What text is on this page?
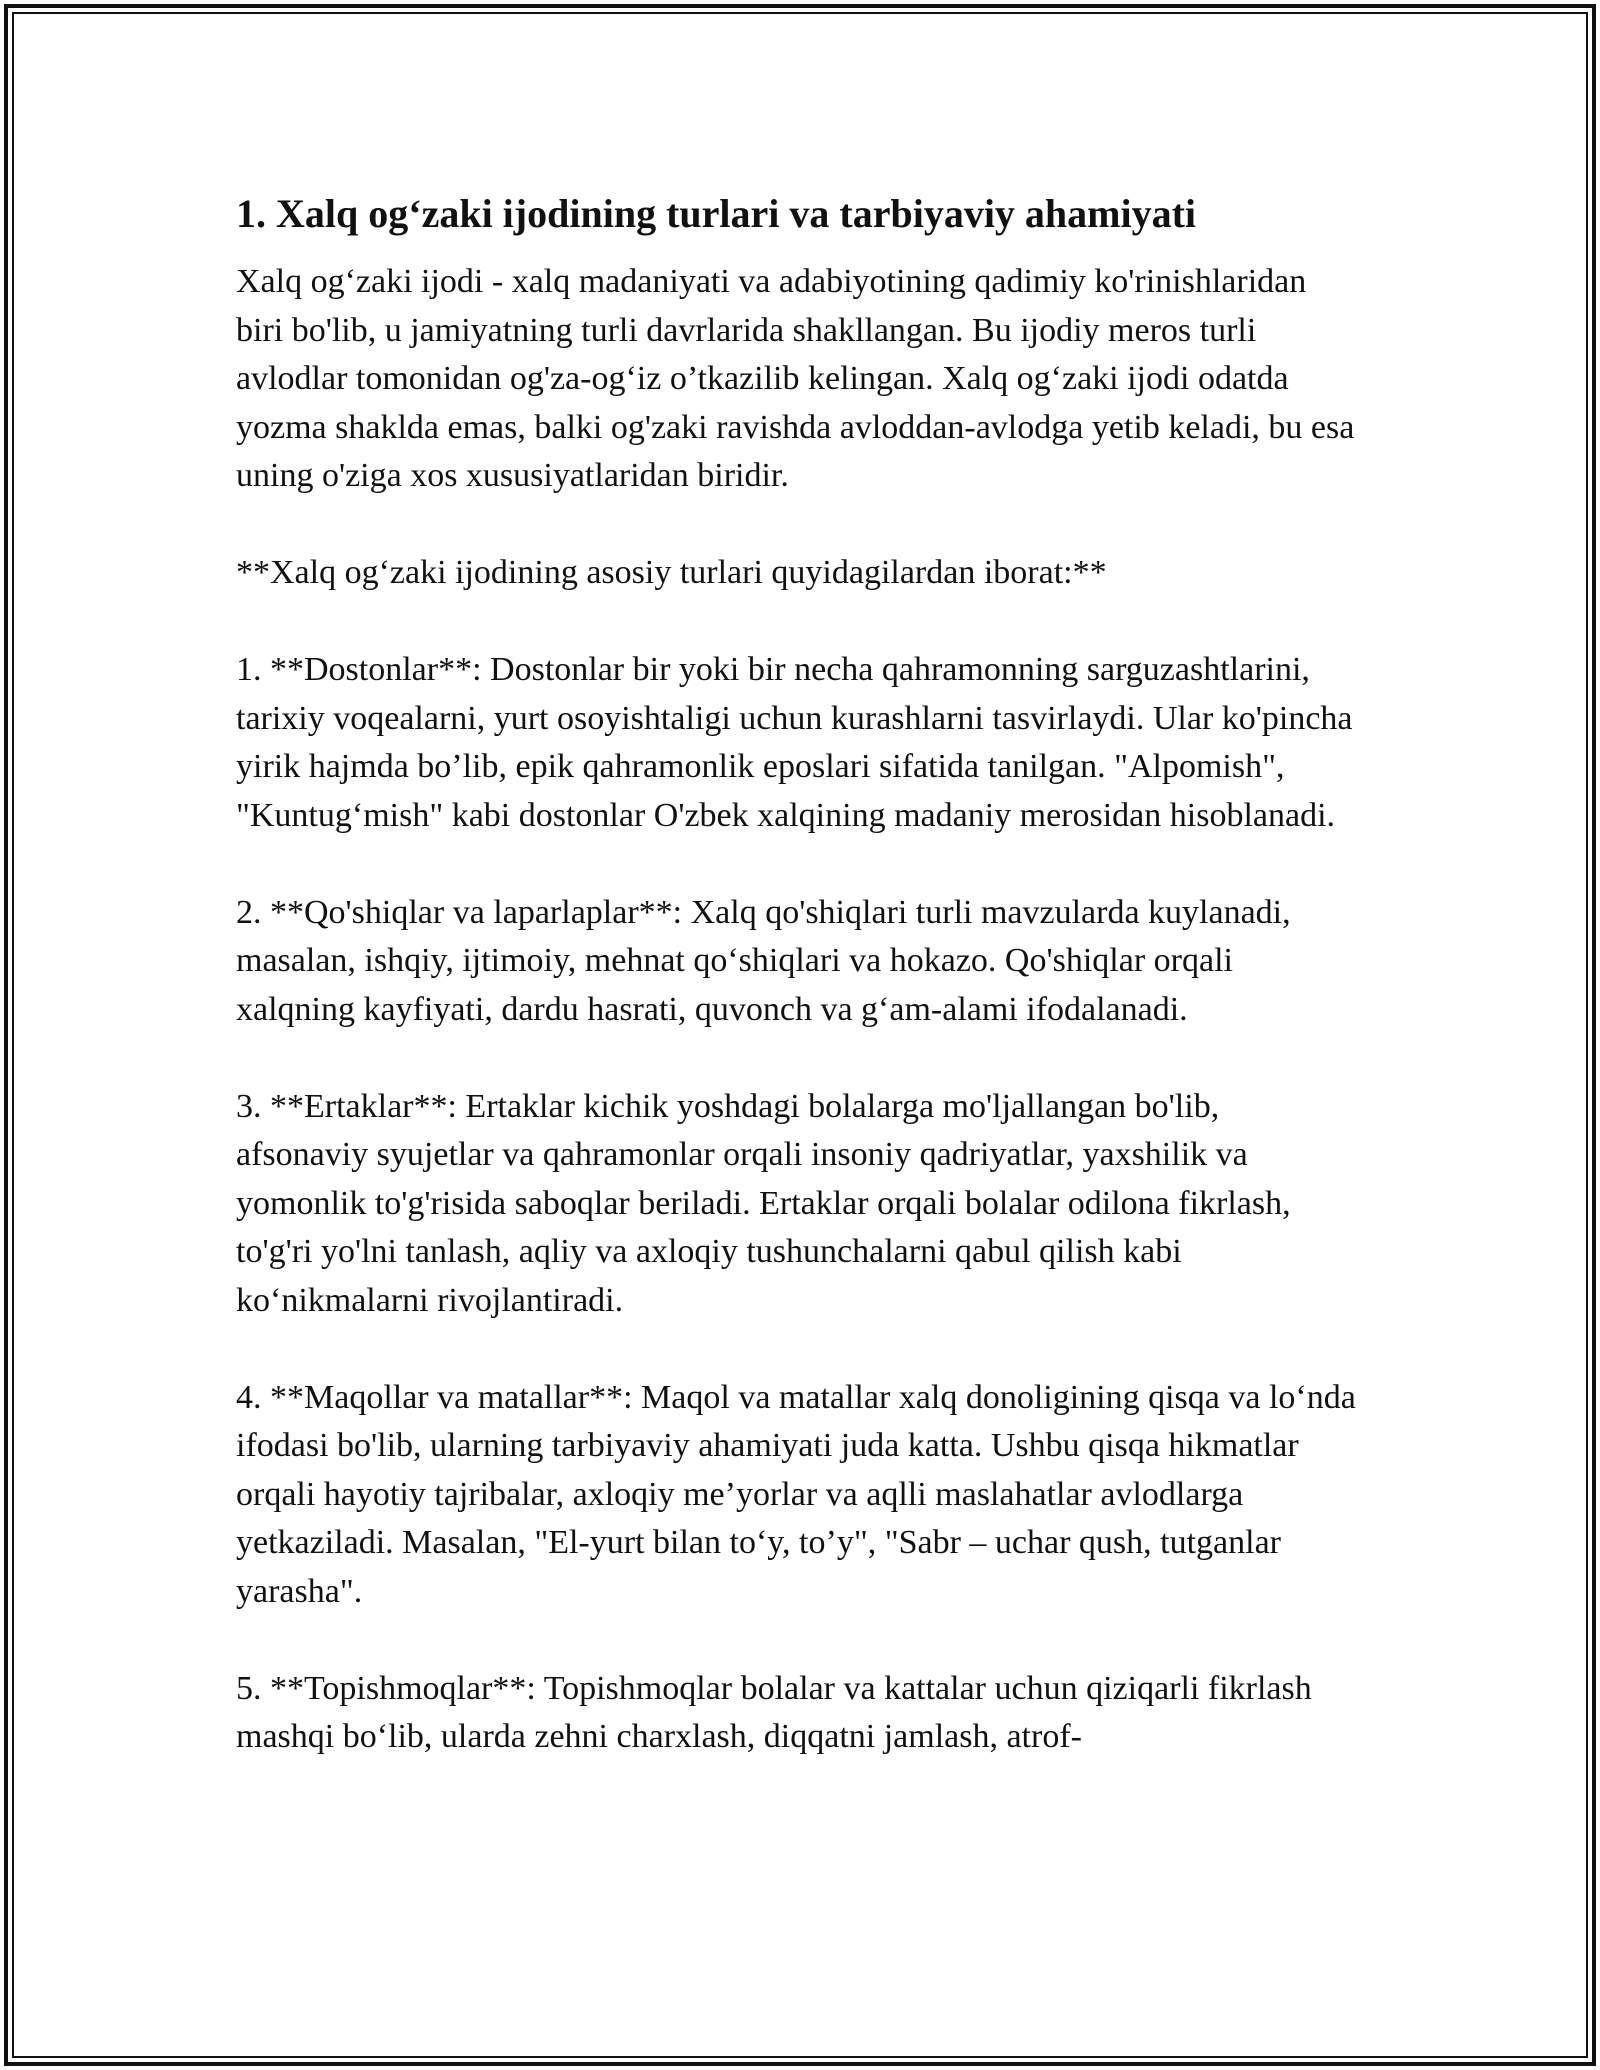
1. Xalq og‘zaki ijodining turlari va tarbiyaviy ahamiyati

Xalq og‘zaki ijodi - xalq madaniyati va adabiyotining qadimiy ko'rinishlaridan biri bo'lib, u jamiyatning turli davrlarida shakllangan. Bu ijodiy meros turli avlodlar tomonidan og'za-og‘iz o’tkazilib kelingan. Xalq og‘zaki ijodi odatda yozma shaklda emas, balki og'zaki ravishda avloddan-avlodga yetib keladi, bu esa uning o'ziga xos xususiyatlaridan biridir.

**Xalq og‘zaki ijodining asosiy turlari quyidagilardan iborat:**

1. **Dostonlar**: Dostonlar bir yoki bir necha qahramonning sarguzashtlarini, tarixiy voqealarni, yurt osoyishtaligi uchun kurashlarni tasvirlaydi. Ular ko'pincha yirik hajmda bo’lib, epik qahramonlik eposlari sifatida tanilgan. "Alpomish", "Kuntug‘mish" kabi dostonlar O'zbek xalqining madaniy merosidan hisoblanadi.

2. **Qo'shiqlar va laparlaplar**: Xalq qo'shiqlari turli mavzularda kuylanadi, masalan, ishqiy, ijtimoiy, mehnat qo‘shiqlari va hokazo. Qo'shiqlar orqali xalqning kayfiyati, dardu hasrati, quvonch va g‘am-alami ifodalanadi.

3. **Ertaklar**: Ertaklar kichik yoshdagi bolalarga mo'ljallangan bo'lib, afsonaviy syujetlar va qahramonlar orqali insoniy qadriyatlar, yaxshilik va yomonlik to'g'risida saboqlar beriladi. Ertaklar orqali bolalar odilona fikrlash, to'g'ri yo'lni tanlash, aqliy va axloqiy tushunchalarni qabul qilish kabi ko‘nikmalarni rivojlantiradi.

4. **Maqollar va matallar**: Maqol va matallar xalq donoligining qisqa va lo‘nda ifodasi bo'lib, ularning tarbiyaviy ahamiyati juda katta. Ushbu qisqa hikmatlar orqali hayotiy tajribalar, axloqiy me’yorlar va aqlli maslahatlar avlodlarga yetkaziladi. Masalan, "El-yurt bilan to‘y, to’y", "Sabr – uchar qush, tutganlar yarasha".

5. **Topishmoqlar**: Topishmoqlar bolalar va kattalar uchun qiziqarli fikrlash mashqi bo‘lib, ularda zehni charxlash, diqqatni jamlash, atrof-
